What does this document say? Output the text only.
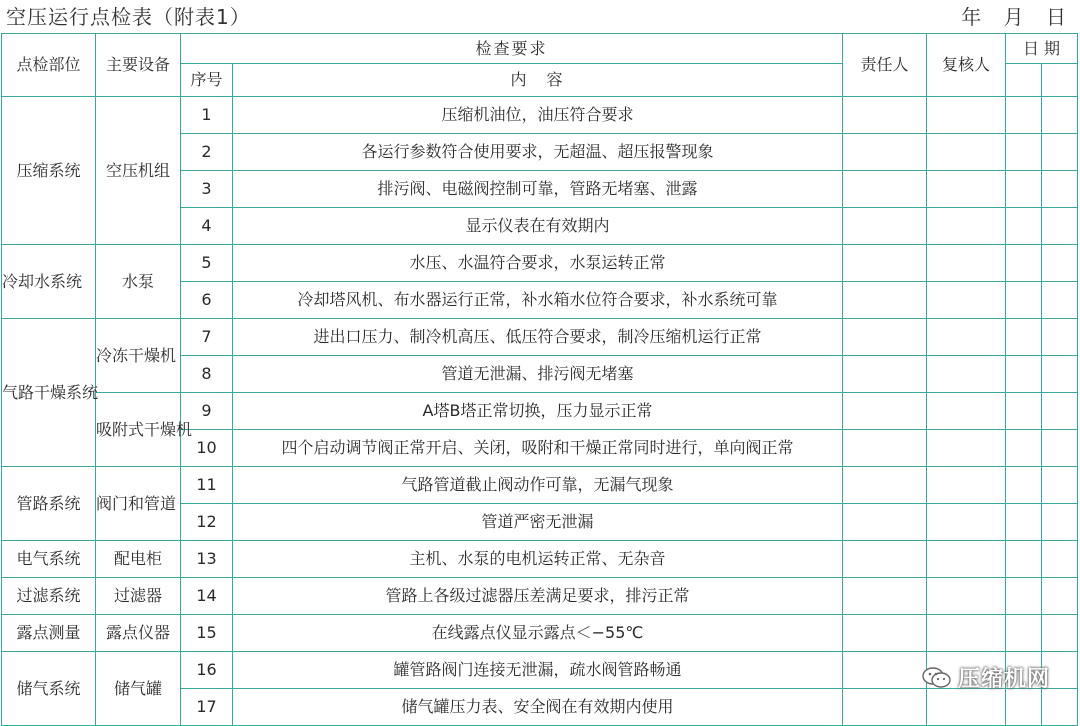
空压运行点检表（附表1）	年 月 日
点检部位	主要设备	检查要求		责任人	复核人	日 期	
		序号	内　容				
压缩系统	空压机组	1	压缩机油位，油压符合要求				
		2	各运行参数符合使用要求，无超温、超压报警现象				
		3	排污阀、电磁阀控制可靠，管路无堵塞、泄露				
		4	显示仪表在有效期内				
冷却水系统	水泵	5	水压、水温符合要求，水泵运转正常				
		6	冷却塔风机、布水器运行正常，补水箱水位符合要求，补水系统可靠				
气路干燥系统	冷冻干燥机	7	进出口压力、制冷机高压、低压符合要求，制冷压缩机运行正常				
		8	管道无泄漏、排污阀无堵塞				
	吸附式干燥机	9	A塔B塔正常切换，压力显示正常				
		10	四个启动调节阀正常开启、关闭，吸附和干燥正常同时进行，单向阀正常				
管路系统	阀门和管道	11	气路管道截止阀动作可靠，无漏气现象				
		12	管道严密无泄漏				
电气系统	配电柜	13	主机、水泵的电机运转正常、无杂音				
过滤系统	过滤器	14	管路上各级过滤器压差满足要求，排污正常				
露点测量	露点仪器	15	在线露点仪显示露点＜−55℃				
储气系统	储气罐	16	罐管路阀门连接无泄漏，疏水阀管路畅通				
		17	储气罐压力表、安全阀在有效期内使用				
压缩机网
